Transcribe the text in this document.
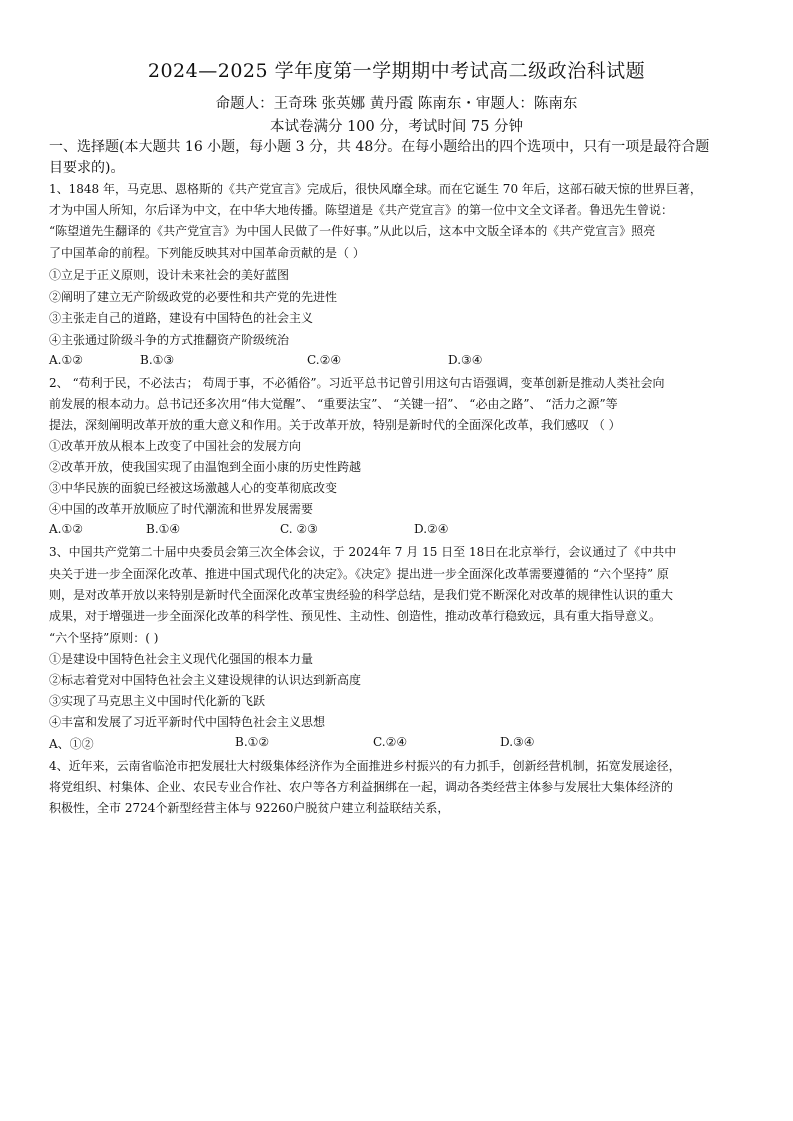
2024—2025 学年度第一学期期中考试高二级政治科试题
命题人：王奇珠 张英娜 黄丹霞 陈南东・审题人：陈南东
本试卷满分 100 分，考试时间 75 分钟
一、选择题(本大题共 16 小题，每小题 3 分，共 48分。在每小题给出的四个选项中，只有一项是最符合题
目要求的)。
1、1848 年，马克思、恩格斯的《共产党宣言》完成后，很快风靡全球。而在它诞生 70 年后，这部石破天惊的世界巨著，
才为中国人所知，尔后译为中文，在中华大地传播。陈望道是《共产党宣言》的第一位中文全文译者。鲁迅先生曾说：
“陈望道先生翻译的《共产党宣言》为中国人民做了一件好事。”从此以后，这本中文版全译本的《共产党宣言》照亮
了中国革命的前程。下列能反映其对中国革命贡献的是（ ）
①立足于正义原则，设计未来社会的美好蓝图
②阐明了建立无产阶级政党的必要性和共产党的先进性
③主张走自己的道路，建设有中国特色的社会主义
④主张通过阶级斗争的方式推翻资产阶级统治
A.①②	B.①③	C.②④	D.③④
2、 “苟利于民，不必法古； 苟周于事，不必循俗”。习近平总书记曾引用这句古语强调，变革创新是推动人类社会向
前发展的根本动力。总书记还多次用“伟大觉醒”、 “重要法宝”、 “关键一招”、 “必由之路”、 “活力之源”等
提法，深刻阐明改革开放的重大意义和作用。关于改革开放，特别是新时代的全面深化改革，我们感叹 （ ）
①改革开放从根本上改变了中国社会的发展方向
②改革开放，使我国实现了由温饱到全面小康的历史性跨越
③中华民族的面貌已经被这场激越人心的变革彻底改变
④中国的改革开放顺应了时代潮流和世界发展需要
A.①②	B.①④	C. ②③	D.②④
3、中国共产党第二十届中央委员会第三次全体会议，于 2024年 7 月 15 日至 18日在北京举行，会议通过了《中共中
央关于进一步全面深化改革、推进中国式现代化的决定》。《决定》提出进一步全面深化改革需要遵循的 “六个坚持” 原
则，是对改革开放以来特别是新时代全面深化改革宝贵经验的科学总结，是我们党不断深化对改革的规律性认识的重大
成果，对于增强进一步全面深化改革的科学性、预见性、主动性、创造性，推动改革行稳致远，具有重大指导意义。
“六个坚持”原则：( )
①是建设中国特色社会主义现代化强国的根本力量
②标志着党对中国特色社会主义建设规律的认识达到新高度
③实现了马克思主义中国时代化新的飞跃
④丰富和发展了习近平新时代中国特色社会主义思想
A、①②	B.①②	C.②④	D.③④
4、近年来，云南省临沧市把发展壮大村级集体经济作为全面推进乡村振兴的有力抓手，创新经营机制，拓宽发展途径，
将党组织、村集体、企业、农民专业合作社、农户等各方利益捆绑在一起，调动各类经营主体参与发展壮大集体经济的
积极性，全市 2724个新型经营主体与 92260户脱贫户建立利益联结关系，
